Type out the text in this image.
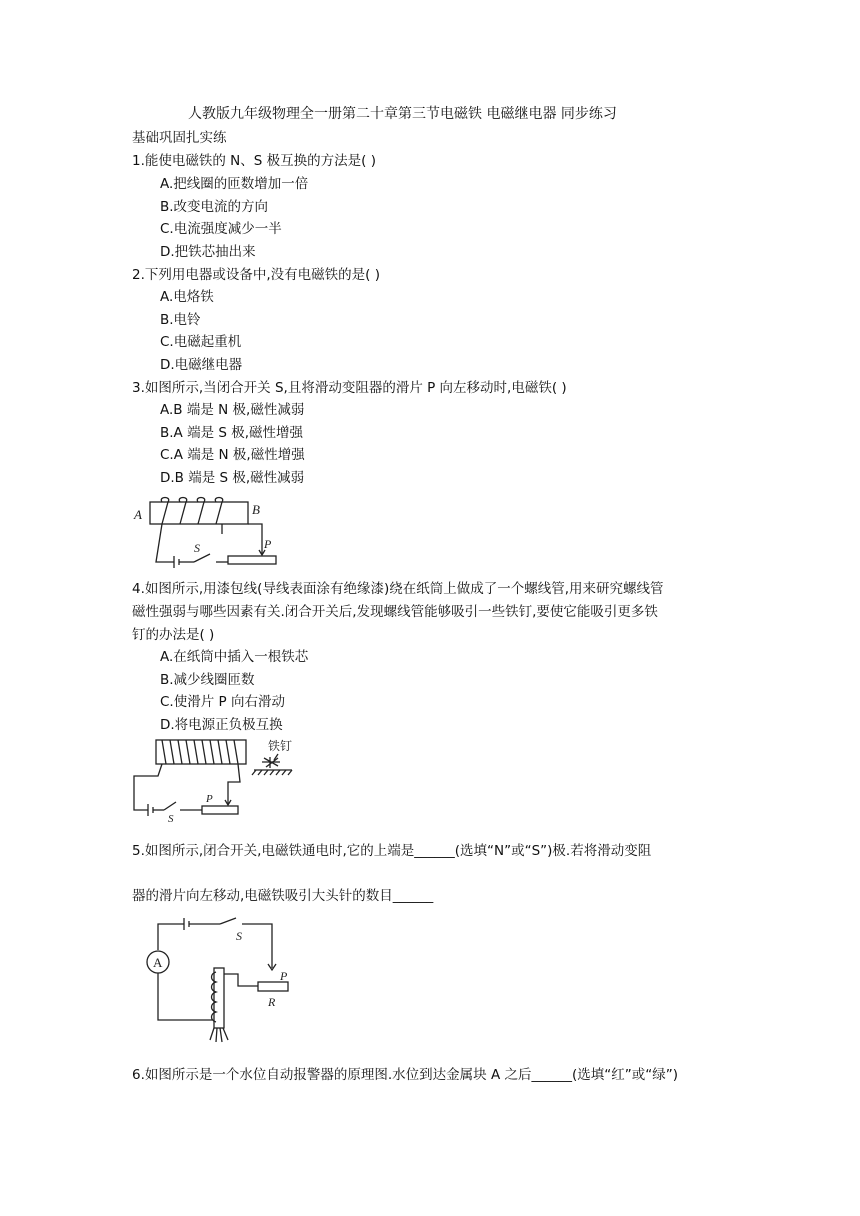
人教版九年级物理全一册第二十章第三节电磁铁 电磁继电器 同步练习
基础巩固扎实练
1.能使电磁铁的 N、S 极互换的方法是( )
A.把线圈的匝数增加一倍
B.改变电流的方向
C.电流强度减少一半
D.把铁芯抽出来
2.下列用电器或设备中,没有电磁铁的是( )
A.电烙铁
B.电铃
C.电磁起重机
D.电磁继电器
3.如图所示,当闭合开关 S,且将滑动变阻器的滑片 P 向左移动时,电磁铁( )
A.B 端是 N 极,磁性减弱
B.A 端是 S 极,磁性增强
C.A 端是 N 极,磁性增强
D.B 端是 S 极,磁性减弱
A	B
S	P
4.如图所示,用漆包线(导线表面涂有绝缘漆)绕在纸筒上做成了一个螺线管,用来研究螺线管
磁性强弱与哪些因素有关.闭合开关后,发现螺线管能够吸引一些铁钉,要使它能吸引更多铁
钉的办法是( )
A.在纸筒中插入一根铁芯
B.减少线圈匝数
C.使滑片 P 向右滑动
D.将电源正负极互换
铁钉
S
P
5.如图所示,闭合开关,电磁铁通电时,它的上端是______(选填“N”或“S”)极.若将滑动变阻
器的滑片向左移动,电磁铁吸引大头针的数目______
A
S
P
R
6.如图所示是一个水位自动报警器的原理图.水位到达金属块 A 之后______(选填“红”或“绿”)
